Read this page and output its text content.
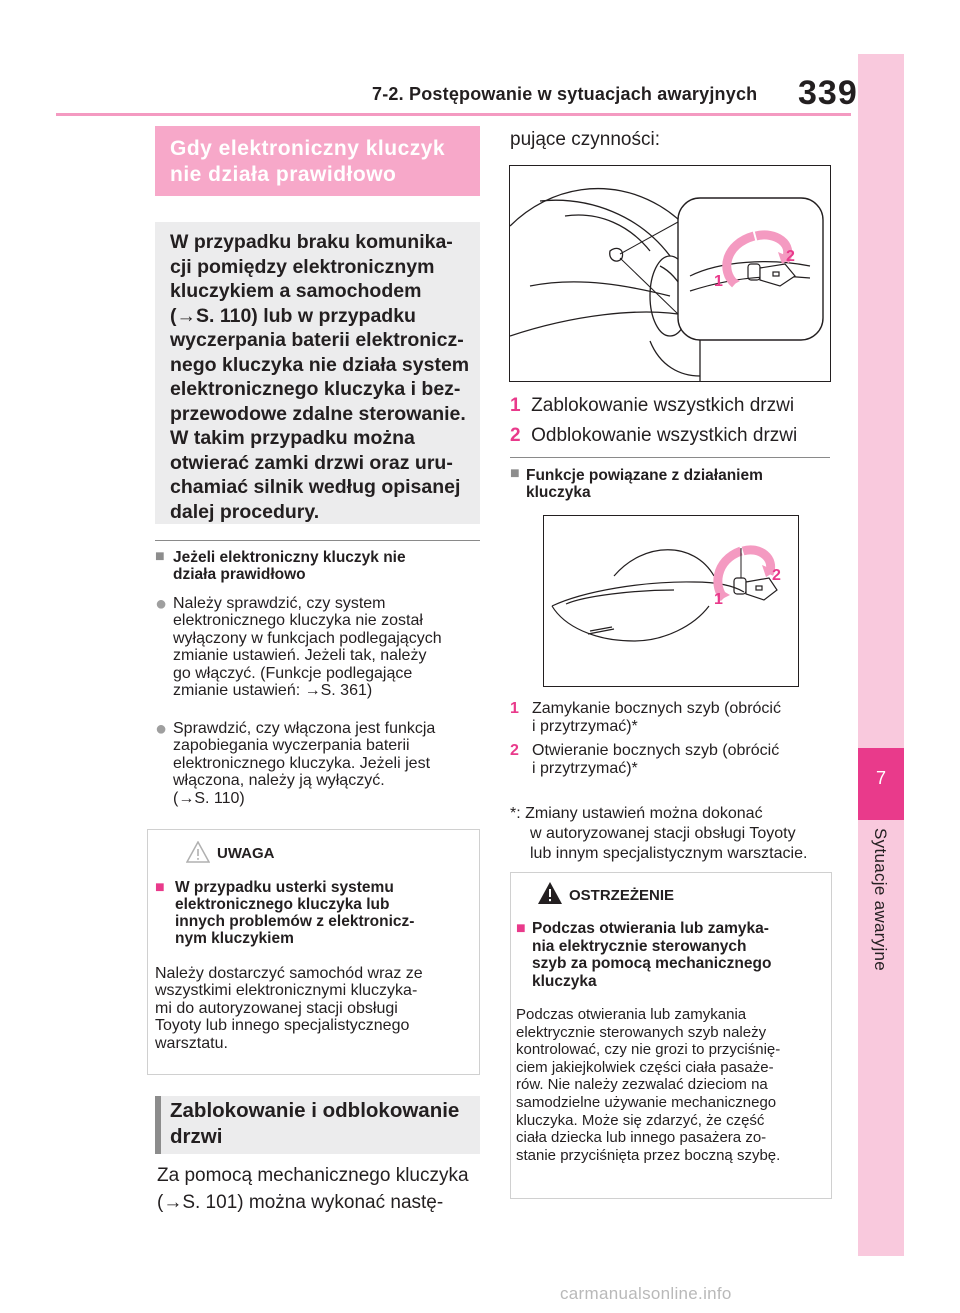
7-2. Postępowanie w sytuacjach awaryjnych 339
7
Sytuacje awaryjne
Gdy elektroniczny kluczyk
nie działa prawidłowo
W przypadku braku komunika-
cji pomiędzy elektronicznym
kluczykiem a samochodem
(→S. 110) lub w przypadku
wyczerpania baterii elektronicz-
nego kluczyka nie działa system
elektronicznego kluczyka i bez-
przewodowe zdalne sterowanie.
W takim przypadku można
otwierać zamki drzwi oraz uru-
chamiać silnik według opisanej
dalej procedury.
■ Jeżeli elektroniczny kluczyk nie
działa prawidłowo
● Należy sprawdzić, czy system
elektronicznego kluczyka nie został
wyłączony w funkcjach podlegających
zmianie ustawień. Jeżeli tak, należy
go włączyć. (Funkcje podlegające
zmianie ustawień: →S. 361)
● Sprawdzić, czy włączona jest funkcja
zapobiegania wyczerpania baterii
elektronicznego kluczyka. Jeżeli jest
włączona, należy ją wyłączyć.
(→S. 110)
UWAGA
■ W przypadku usterki systemu
elektronicznego kluczyka lub
innych problemów z elektronicz-
nym kluczykiem
Należy dostarczyć samochód wraz ze
wszystkimi elektronicznymi kluczyka-
mi do autoryzowanej stacji obsługi
Toyoty lub innego specjalistycznego
warsztatu.
Zablokowanie i odblokowanie
drzwi
Za pomocą mechanicznego kluczyka
(→S. 101) można wykonać nastę-
pujące czynności:
1
2
1 Zablokowanie wszystkich drzwi
2 Odblokowanie wszystkich drzwi
■ Funkcje powiązane z działaniem
kluczyka
1
2
1 Zamykanie bocznych szyb (obrócić
i przytrzymać)*
2 Otwieranie bocznych szyb (obrócić
i przytrzymać)*
*: Zmiany ustawień można dokonać
w autoryzowanej stacji obsługi Toyoty
lub innym specjalistycznym warsztacie.
OSTRZEŻENIE
■ Podczas otwierania lub zamyka-
nia elektrycznie sterowanych
szyb za pomocą mechanicznego
kluczyka
Podczas otwierania lub zamykania
elektrycznie sterowanych szyb należy
kontrolować, czy nie grozi to przyciśnię-
ciem jakiejkolwiek części ciała pasaże-
rów. Nie należy zezwalać dzieciom na
samodzielne używanie mechanicznego
kluczyka. Może się zdarzyć, że część
ciała dziecka lub innego pasażera zo-
stanie przyciśnięta przez boczną szybę.
carmanualsonline.info
